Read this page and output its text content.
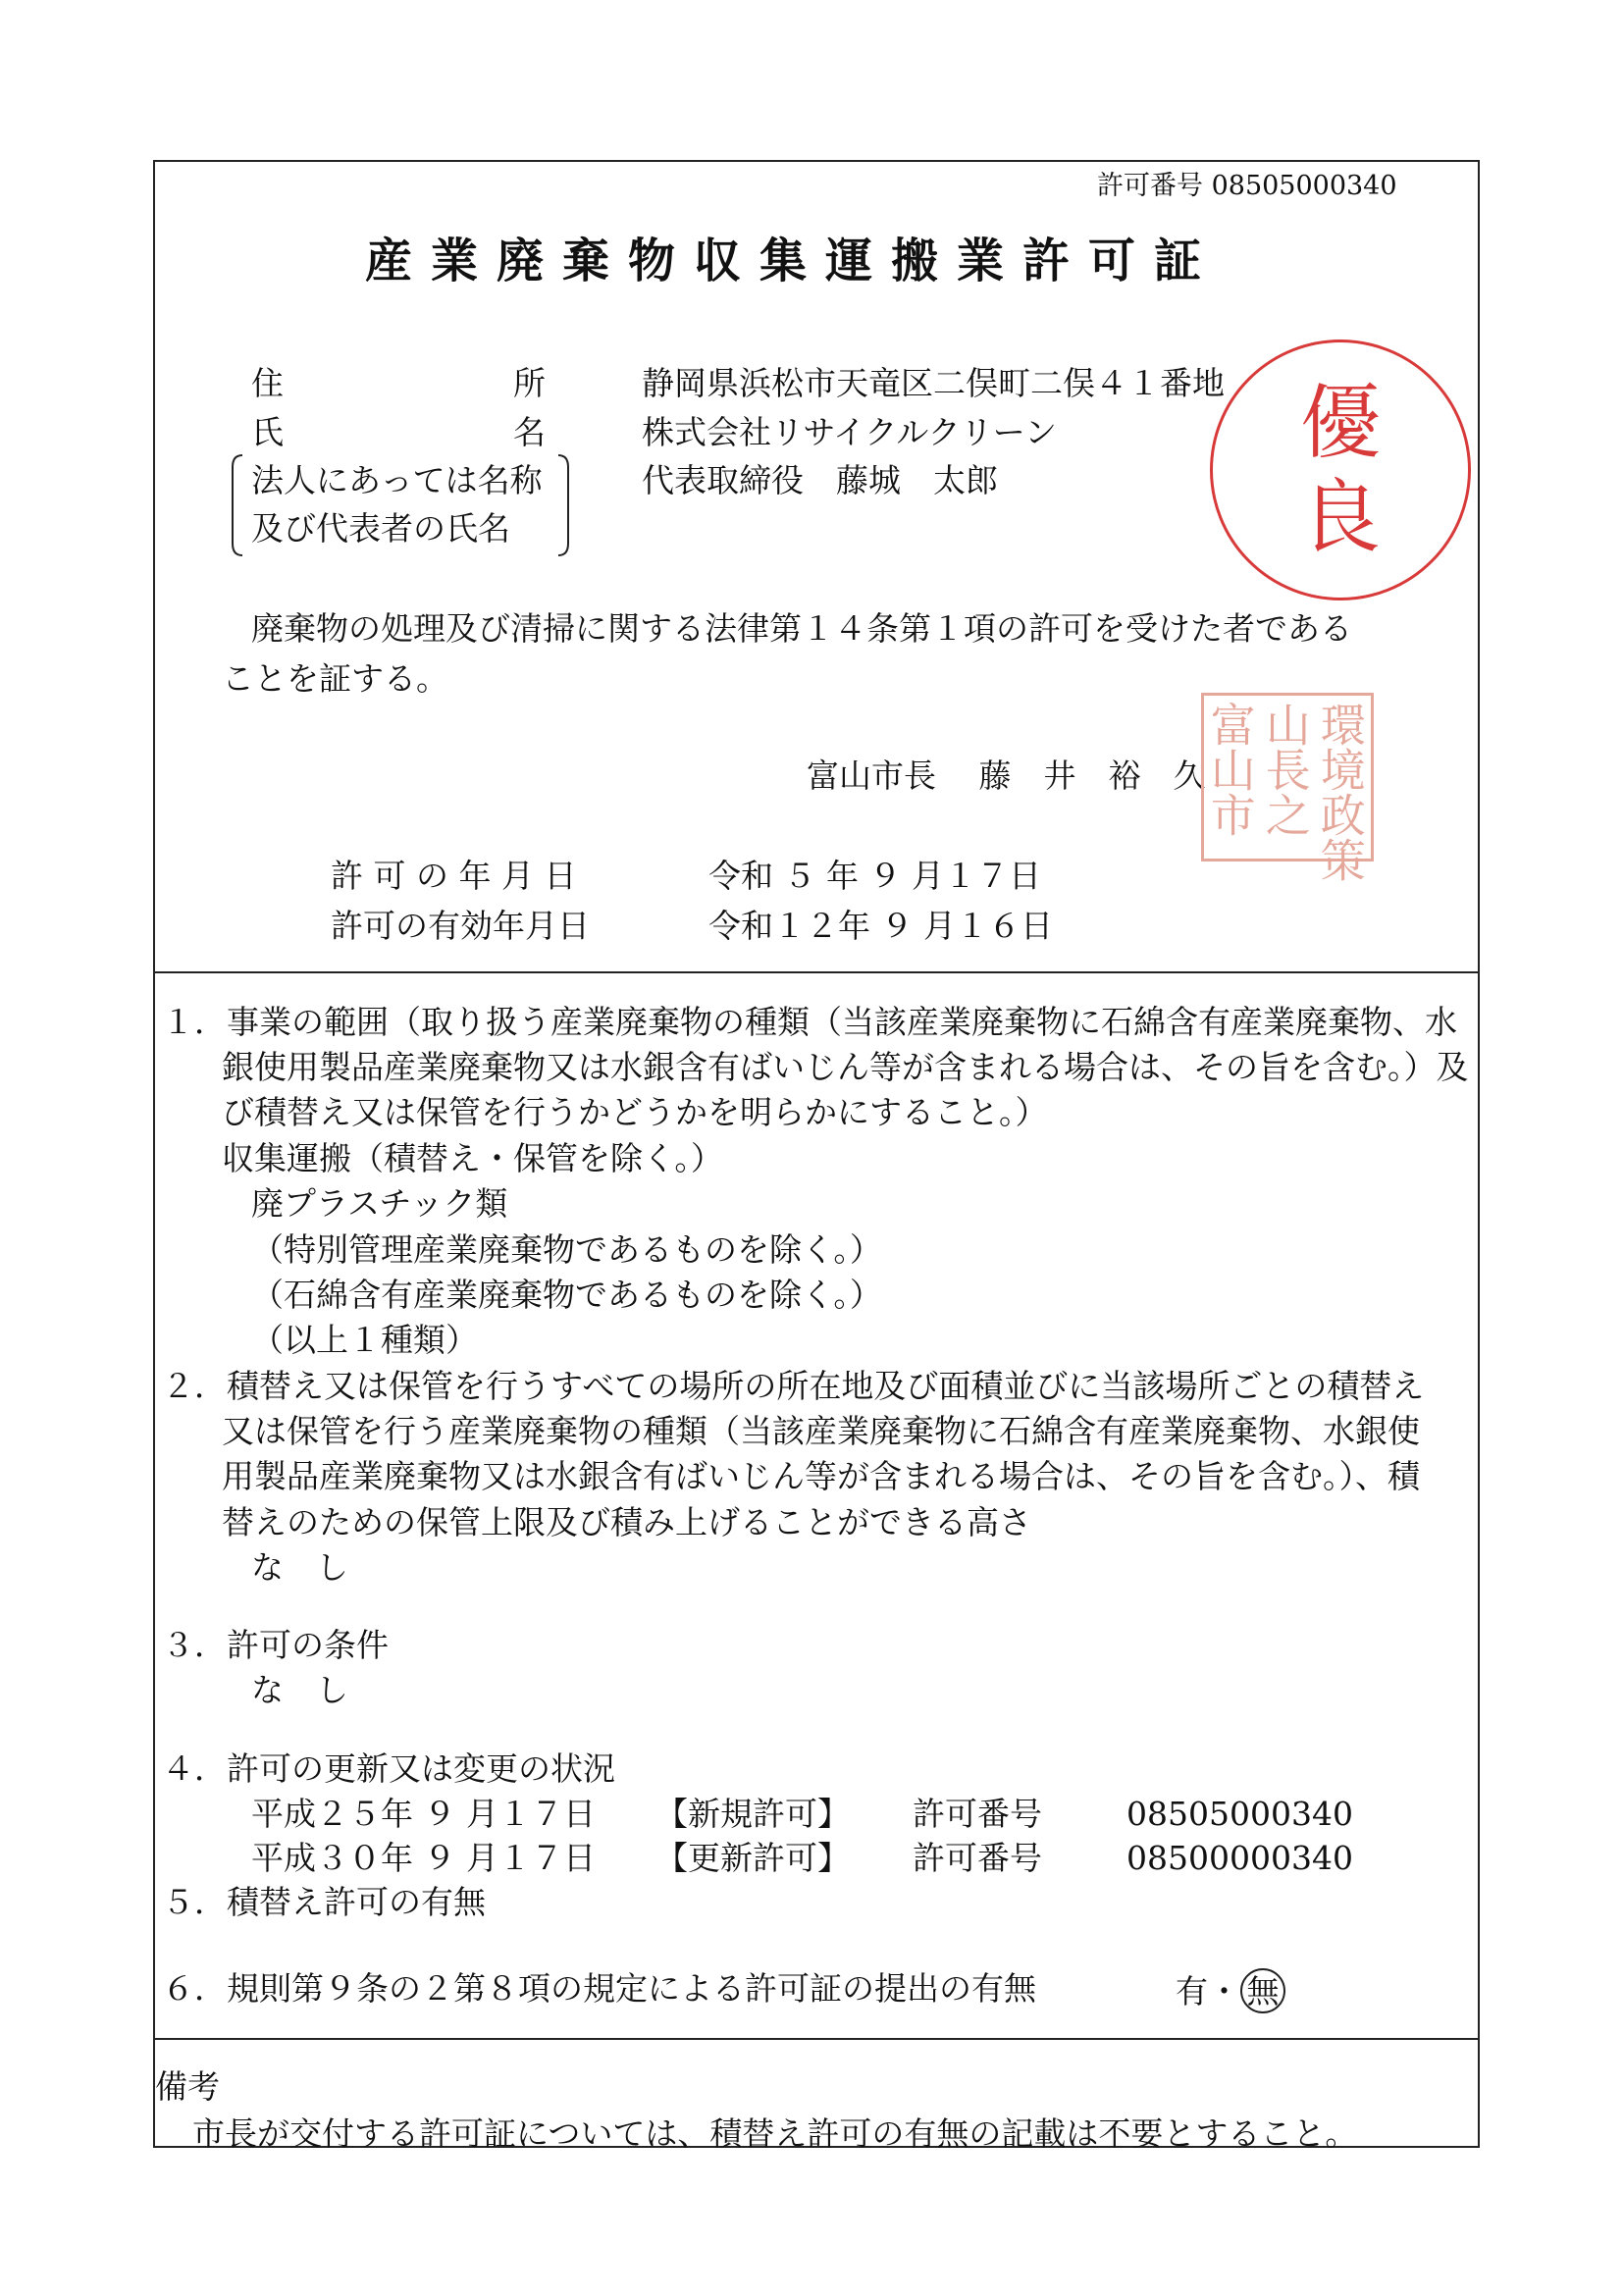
許可番号 08505000340
産業廃棄物収集運搬業許可証
住	所	静岡県浜松市天竜区二俣町二俣４１番地
氏	名	株式会社リサイクルクリーン
法人にあっては名称
及び代表者の氏名
代表取締役　藤城　太郎
優
良
廃棄物の処理及び清掃に関する法律第１４条第１項の許可を受けた者である
ことを証する。
富山市長　 藤　井　裕　久 環境政策
山長之
富山市
許 可 の 年 月 日	令和 ５ 年 ９ 月１７日
許可の有効年月日	令和１２年 ９ 月１６日
１．事業の範囲（取り扱う産業廃棄物の種類（当該産業廃棄物に石綿含有産業廃棄物、水
銀使用製品産業廃棄物又は水銀含有ばいじん等が含まれる場合は、その旨を含む。）及
び積替え又は保管を行うかどうかを明らかにすること。）
収集運搬（積替え・保管を除く。）
廃プラスチック類
（特別管理産業廃棄物であるものを除く。）
（石綿含有産業廃棄物であるものを除く。）
（以上１種類）
２．積替え又は保管を行うすべての場所の所在地及び面積並びに当該場所ごとの積替え
又は保管を行う産業廃棄物の種類（当該産業廃棄物に石綿含有産業廃棄物、水銀使
用製品産業廃棄物又は水銀含有ばいじん等が含まれる場合は、その旨を含む。）、積
替えのための保管上限及び積み上げることができる高さ
な　し
３．許可の条件
な　し
４．許可の更新又は変更の状況
平成２５年 ９ 月１７日 【新規許可】 許可番号	08505000340
平成３０年 ９ 月１７日 【更新許可】 許可番号	08500000340
５．積替え許可の有無
６．規則第９条の２第８項の規定による許可証の提出の有無	有・ 無
備考
市長が交付する許可証については、積替え許可の有無の記載は不要とすること。
